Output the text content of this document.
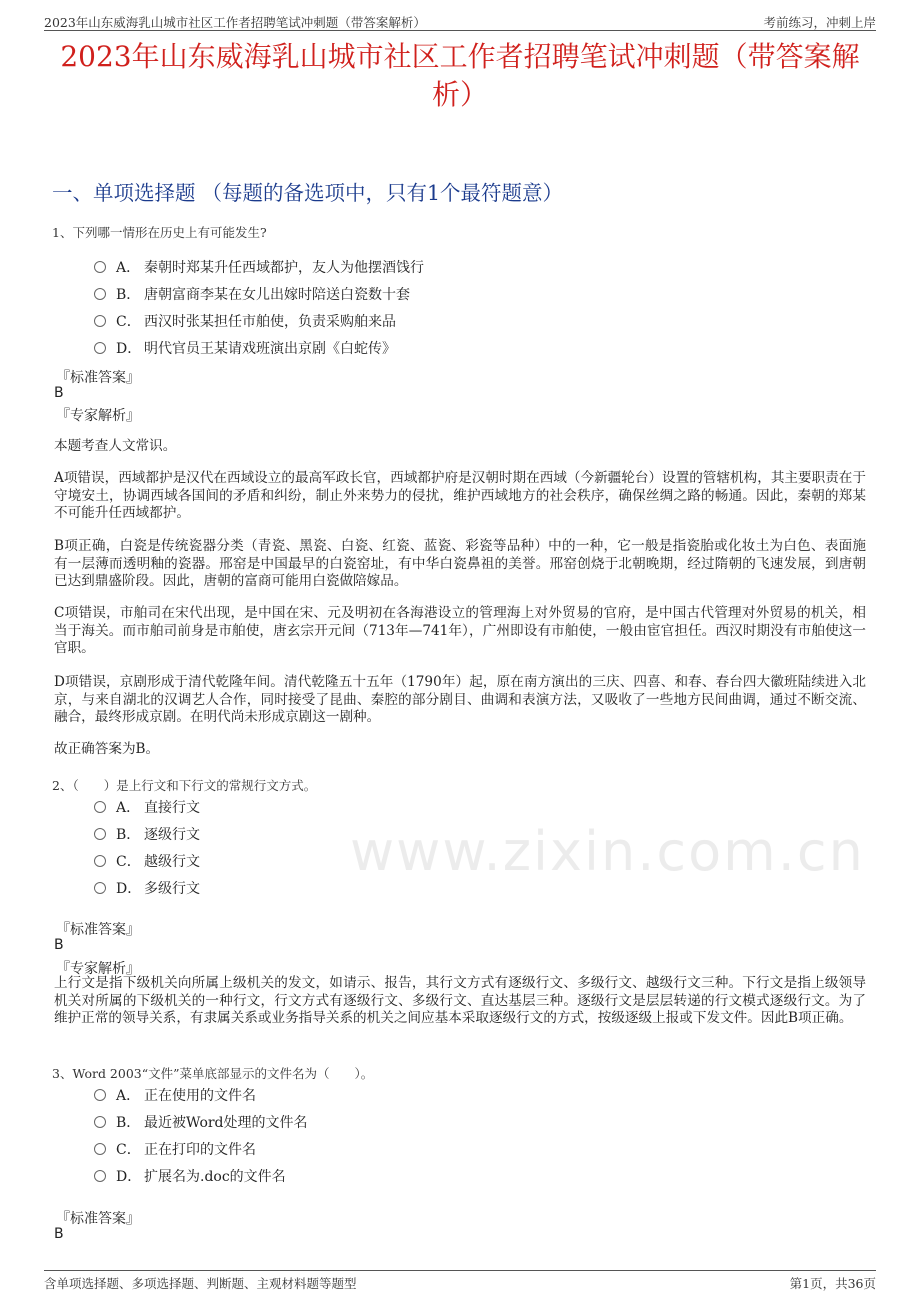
2023年山东威海乳山城市社区工作者招聘笔试冲刺题（带答案解析）	考前练习，冲刺上岸
www.zixin.com.cn
2023年山东威海乳山城市社区工作者招聘笔试冲刺题（带答案解析）
一、单项选择题 （每题的备选项中，只有1个最符题意）
1、下列哪一情形在历史上有可能发生?
A． 秦朝时郑某升任西域都护，友人为他摆酒饯行
B． 唐朝富商李某在女儿出嫁时陪送白瓷数十套
C． 西汉时张某担任市舶使，负责采购舶来品
D． 明代官员王某请戏班演出京剧《白蛇传》
『标准答案』
B
『专家解析』
本题考查人文常识。
A项错误，西域都护是汉代在西域设立的最高军政长官，西域都护府是汉朝时期在西域（今新疆轮台）设置的管辖机构，其主要职责在于守境安土，协调西域各国间的矛盾和纠纷，制止外来势力的侵扰，维护西域地方的社会秩序，确保丝绸之路的畅通。因此，秦朝的郑某不可能升任西域都护。
B项正确，白瓷是传统瓷器分类（青瓷、黑瓷、白瓷、红瓷、蓝瓷、彩瓷等品种）中的一种，它一般是指瓷胎或化妆土为白色、表面施有一层薄而透明釉的瓷器。邢窑是中国最早的白瓷窑址，有中华白瓷鼻祖的美誉。邢窑创烧于北朝晚期，经过隋朝的飞速发展，到唐朝已达到鼎盛阶段。因此，唐朝的富商可能用白瓷做陪嫁品。
C项错误，市舶司在宋代出现，是中国在宋、元及明初在各海港设立的管理海上对外贸易的官府，是中国古代管理对外贸易的机关，相当于海关。而市舶司前身是市舶使，唐玄宗开元间（713年—741年），广州即设有市舶使，一般由宦官担任。西汉时期没有市舶使这一官职。
D项错误，京剧形成于清代乾隆年间。清代乾隆五十五年（1790年）起，原在南方演出的三庆、四喜、和春、春台四大徽班陆续进入北京，与来自湖北的汉调艺人合作，同时接受了昆曲、秦腔的部分剧目、曲调和表演方法，又吸收了一些地方民间曲调，通过不断交流、融合，最终形成京剧。在明代尚未形成京剧这一剧种。
故正确答案为B。
2、（　　）是上行文和下行文的常规行文方式。
A． 直接行文
B． 逐级行文
C． 越级行文
D． 多级行文
『标准答案』
B
『专家解析』
上行文是指下级机关向所属上级机关的发文，如请示、报告，其行文方式有逐级行文、多级行文、越级行文三种。下行文是指上级领导机关对所属的下级机关的一种行文，行文方式有逐级行文、多级行文、直达基层三种。逐级行文是层层转递的行文模式逐级行文。为了维护正常的领导关系，有隶属关系或业务指导关系的机关之间应基本采取逐级行文的方式，按级逐级上报或下发文件。因此B项正确。
3、Word 2003“文件”菜单底部显示的文件名为（　　）。
A． 正在使用的文件名
B． 最近被Word处理的文件名
C． 正在打印的文件名
D． 扩展名为.doc的文件名
『标准答案』
B
含单项选择题、多项选择题、判断题、主观材料题等题型	第1页，共36页
